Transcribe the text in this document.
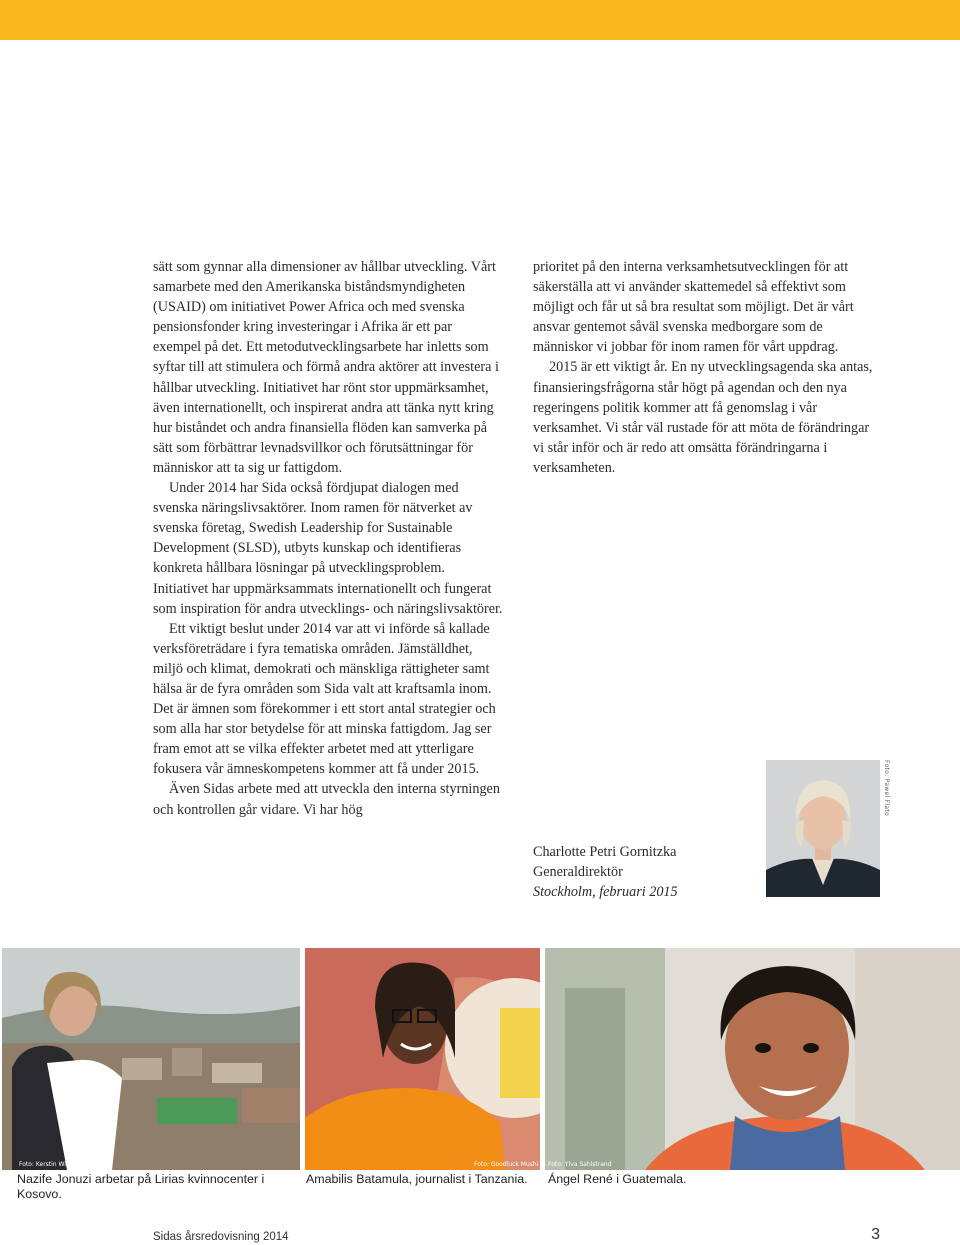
sätt som gynnar alla dimensioner av hållbar utveckling. Vårt samarbete med den Amerikanska biståndsmyndigheten (USAID) om initiativet Power Africa och med svenska pensionsfonder kring investeringar i Afrika är ett par exempel på det. Ett metodutvecklingsarbete har inletts som syftar till att stimulera och förmå andra aktörer att investera i hållbar utveckling. Initiativet har rönt stor uppmärksamhet, även internationellt, och inspirerat andra att tänka nytt kring hur biståndet och andra finansiella flöden kan samverka på sätt som förbättrar levnadsvillkor och förutsättningar för människor att ta sig ur fattigdom.

Under 2014 har Sida också fördjupat dialogen med svenska näringslivsaktörer. Inom ramen för nätverket av svenska företag, Swedish Leadership for Sustainable Development (SLSD), utbyts kunskap och identifieras konkreta hållbara lösningar på utvecklingsproblem. Initiativet har uppmärksammats internationellt och fungerat som inspiration för andra utvecklings- och näringslivsaktörer.

Ett viktigt beslut under 2014 var att vi införde så kallade verksföreträdare i fyra tematiska områden. Jämställdhet, miljö och klimat, demokrati och mänskliga rättigheter samt hälsa är de fyra områden som Sida valt att kraftsamla inom. Det är ämnen som förekommer i ett stort antal strategier och som alla har stor betydelse för att minska fattigdom. Jag ser fram emot att se vilka effekter arbetet med att ytterligare fokusera vår ämneskompetens kommer att få under 2015.

Även Sidas arbete med att utveckla den interna styrningen och kontrollen går vidare. Vi har hög

prioritet på den interna verksamhetsutvecklingen för att säkerställa att vi använder skattemedel så effektivt som möjligt och får ut så bra resultat som möjligt. Det är vårt ansvar gentemot såväl svenska medborgare som de människor vi jobbar för inom ramen för vårt uppdrag.

2015 är ett viktigt år. En ny utvecklingsagenda ska antas, finansieringsfrågorna står högt på agendan och den nya regeringens politik kommer att få genomslag i vår verksamhet. Vi står väl rustade för att möta de förändringar vi står inför och är redo att omsätta förändringarna i verksamheten.

Charlotte Petri Gornitzka
Generaldirektör
Stockholm, februari 2015
Foto: Pawel Flato
Foto: Kerstin Wideli	Foto: Goodluck Mushi Foto: Ylva Sahlstrand
Nazife Jonuzi arbetar på Lirias kvinnocenter i Kosovo.
Amabilis Batamula, journalist i Tanzania.	Ángel René i Guatemala.
Sidas årsredovisning 2014	3
